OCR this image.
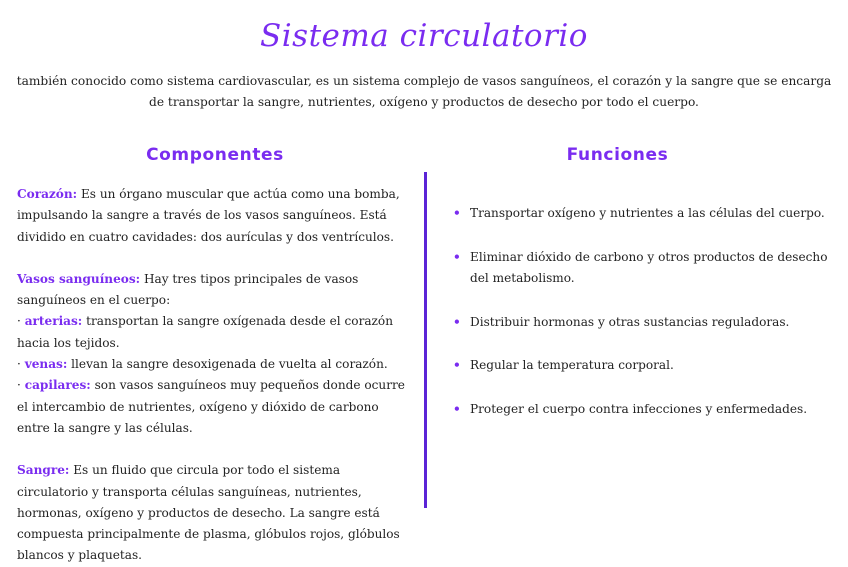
Sistema circulatorio
también conocido como sistema cardiovascular, es un sistema complejo de vasos sanguíneos, el corazón y la sangre que se encarga de transportar la sangre, nutrientes, oxígeno y productos de desecho por todo el cuerpo.
Componentes	Funciones

Corazón: Es un órgano muscular que actúa como una bomba, impulsando la sangre a través de los vasos sanguíneos. Está dividido en cuatro cavidades: dos aurículas y dos ventrículos.

Vasos sanguíneos: Hay tres tipos principales de vasos sanguíneos en el cuerpo:

· arterias: transportan la sangre oxígenada desde el corazón hacia los tejidos.

· venas: llevan la sangre desoxigenada de vuelta al corazón.

· capilares: son vasos sanguíneos muy pequeños donde ocurre el intercambio de nutrientes, oxígeno y dióxido de carbono entre la sangre y las células.

Sangre: Es un fluido que circula por todo el sistema circulatorio y transporta células sanguíneas, nutrientes, hormonas, oxígeno y productos de desecho. La sangre está compuesta principalmente de plasma, glóbulos rojos, glóbulos blancos y plaquetas.

• Transportar oxígeno y nutrientes a las células del cuerpo.
• Eliminar dióxido de carbono y otros productos de desecho del metabolismo.
• Distribuir hormonas y otras sustancias reguladoras.
• Regular la temperatura corporal.
• Proteger el cuerpo contra infecciones y enfermedades.
